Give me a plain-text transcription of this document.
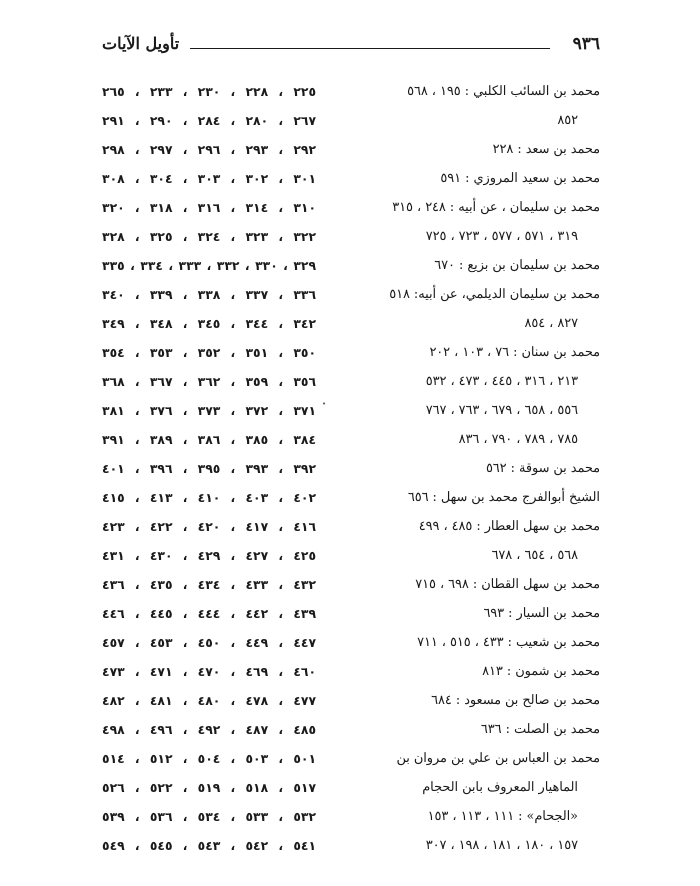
٩٣٦
تأويل الآيات
محمد بن السائب الكلبي : ١٩٥ ، ٥٦٨
٨٥٢
محمد بن سعد : ٢٢٨
محمد بن سعيد المروزي : ٥٩١
محمد بن سليمان ، عن أبيه : ٢٤٨ ، ٣١٥
٣١٩ ، ٥٧١ ، ٥٧٧ ، ٧٢٣ ، ٧٢٥
محمد بن سليمان بن بزيع : ٦٧٠
محمد بن سليمان الديلمي، عن أبيه: ٥١٨
٨٢٧ ، ٨٥٤
محمد بن سنان : ٧٦ ، ١٠٣ ، ٢٠٢
٢١٣ ، ٣١٦ ، ٤٤٥ ، ٤٧٣ ، ٥٣٢
٥٥٦ ، ٦٥٨ ، ٦٧٩ ، ٧٦٣ ، ٧٦٧
٧٨٥ ، ٧٨٩ ، ٧٩٠ ، ٨٣٦
محمد بن سوقة : ٥٦٢
الشيخ أبوالفرج محمد بن سهل : ٦٥٦
محمد بن سهل العطار : ٤٨٥ ، ٤٩٩
٥٦٨ ، ٦٥٤ ، ٦٧٨
محمد بن سهل القطان : ٦٩٨ ، ٧١٥
محمد بن السيار : ٦٩٣
محمد بن شعيب : ٤٣٣ ، ٥١٥ ، ٧١١
محمد بن شمون : ٨١٣
محمد بن صالح بن مسعود : ٦٨٤
محمد بن الصلت : ٦٣٦
محمد بن العباس بن علي بن مروان بن
الماهيار المعروف بابن الحجام
«الجحام» : ١١١ ، ١١٣ ، ١٥٣
١٥٧ ، ١٨٠ ، ١٨١ ، ١٩٨ ، ٣٠٧
٢٢٥ ، ٢٢٨ ، ٢٣٠ ، ٢٣٣ ، ٢٦٥
٢٦٧ ، ٢٨٠ ، ٢٨٤ ، ٢٩٠ ، ٢٩١
٢٩٢ ، ٢٩٣ ، ٢٩٦ ، ٢٩٧ ، ٢٩٨
٣٠١ ، ٣٠٢ ، ٣٠٣ ، ٣٠٤ ، ٣٠٨
٣١٠ ، ٣١٤ ، ٣١٦ ، ٣١٨ ، ٣٢٠
٣٢٢ ، ٣٢٣ ، ٣٢٤ ، ٣٢٥ ، ٣٢٨
٣٢٩ ، ٣٣٠ ، ٣٣٢ ، ٣٣٣ ، ٣٣٤ ، ٣٣٥
٣٣٦ ، ٣٣٧ ، ٣٣٨ ، ٣٣٩ ، ٣٤٠
٣٤٢ ، ٣٤٤ ، ٣٤٥ ، ٣٤٨ ، ٣٤٩
٣٥٠ ، ٣٥١ ، ٣٥٢ ، ٣٥٣ ، ٣٥٤
٣٥٦ ، ٣٥٩ ، ٣٦٢ ، ٣٦٧ ، ٣٦٨
٣٧١ ، ٣٧٢ ، ٣٧٣ ، ٣٧٦ ، ٣٨١
٣٨٤ ، ٣٨٥ ، ٣٨٦ ، ٣٨٩ ، ٣٩١
٣٩٢ ، ٣٩٣ ، ٣٩٥ ، ٣٩٦ ، ٤٠١
٤٠٢ ، ٤٠٣ ، ٤١٠ ، ٤١٣ ، ٤١٥
٤١٦ ، ٤١٧ ، ٤٢٠ ، ٤٢٢ ، ٤٢٣
٤٢٥ ، ٤٢٧ ، ٤٢٩ ، ٤٣٠ ، ٤٣١
٤٣٢ ، ٤٣٣ ، ٤٣٤ ، ٤٣٥ ، ٤٣٦
٤٣٩ ، ٤٤٢ ، ٤٤٤ ، ٤٤٥ ، ٤٤٦
٤٤٧ ، ٤٤٩ ، ٤٥٠ ، ٤٥٣ ، ٤٥٧
٤٦٠ ، ٤٦٩ ، ٤٧٠ ، ٤٧١ ، ٤٧٣
٤٧٧ ، ٤٧٨ ، ٤٨٠ ، ٤٨١ ، ٤٨٢
٤٨٥ ، ٤٨٧ ، ٤٩٢ ، ٤٩٦ ، ٤٩٨
٥٠١ ، ٥٠٣ ، ٥٠٤ ، ٥١٢ ، ٥١٤
٥١٧ ، ٥١٨ ، ٥١٩ ، ٥٢٢ ، ٥٢٦
٥٣٢ ، ٥٣٣ ، ٥٣٤ ، ٥٣٦ ، ٥٣٩
٥٤١ ، ٥٤٢ ، ٥٤٣ ، ٥٤٥ ، ٥٤٩
•
